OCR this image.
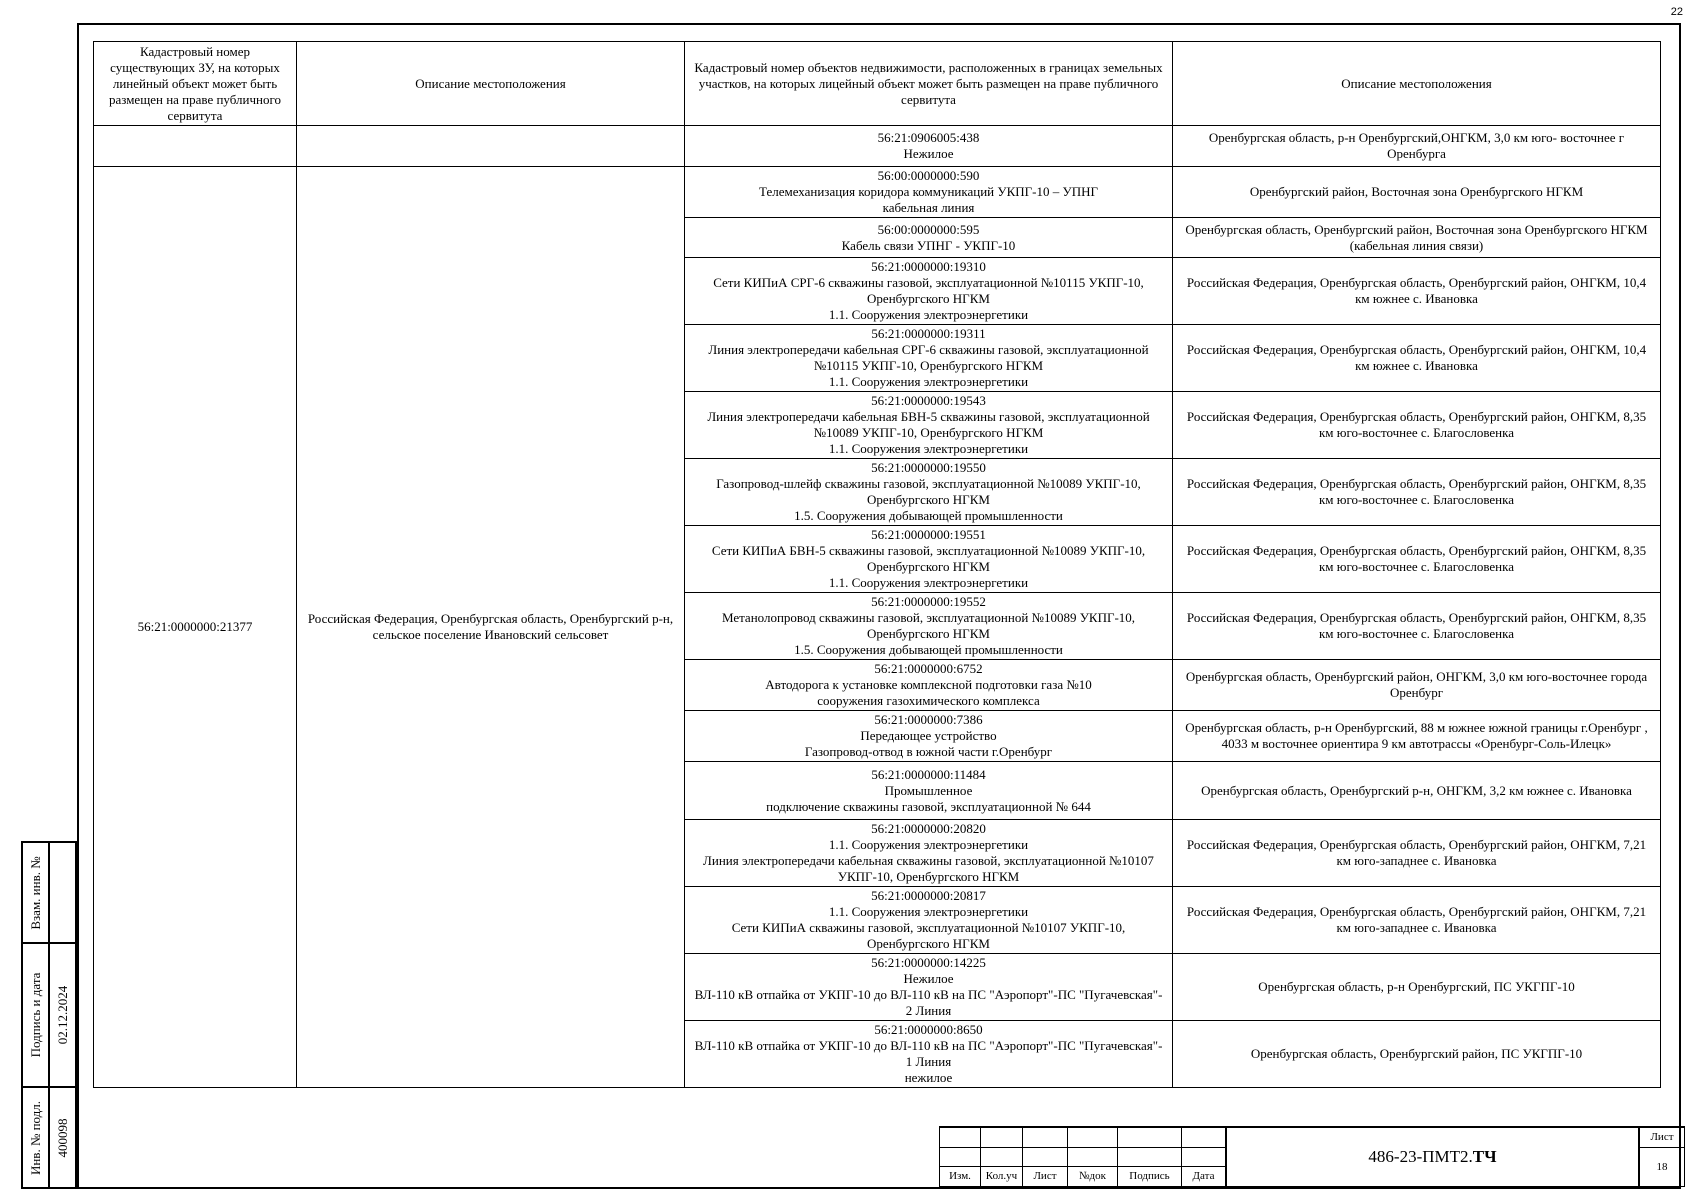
22
Кадастровый номер существующих ЗУ, на которых линейный объект может быть размещен на праве публичного сервитута	Описание местоположения	Кадастровый номер объектов недвижимости, расположенных в границах земельных участков, на которых лицейный объект может быть размещен на праве публичного сервитута	Описание местоположения
		56:21:0906005:438
Нежилое	Оренбургская область, р-н Оренбургский,ОНГКМ, 3,0 км юго- восточнее г Оренбурга
56:21:0000000:21377	Российская Федерация, Оренбургская область, Оренбургский р-н, сельское поселение Ивановский сельсовет	56:00:0000000:590
Телемеханизация коридора коммуникаций УКПГ-10 – УПНГ
кабельная линия	Оренбургский район, Восточная зона Оренбургского НГКМ
		56:00:0000000:595
Кабель связи УПНГ - УКПГ-10	Оренбургская область, Оренбургский район, Восточная зона Оренбургского НГКМ (кабельная линия связи)
		56:21:0000000:19310
Сети КИПиА СРГ-6 скважины газовой, эксплуатационной №10115 УКПГ-10, Оренбургского НГКМ
1.1. Сооружения электроэнергетики	Российская Федерация, Оренбургская область, Оренбургский район, ОНГКМ, 10,4 км южнее с. Ивановка
		56:21:0000000:19311
Линия электропередачи кабельная СРГ-6 скважины газовой, эксплуатационной №10115 УКПГ-10, Оренбургского НГКМ
1.1. Сооружения электроэнергетики	Российская Федерация, Оренбургская область, Оренбургский район, ОНГКМ, 10,4 км южнее с. Ивановка
		56:21:0000000:19543
Линия электропередачи кабельная БВН-5 скважины газовой, эксплуатационной №10089 УКПГ-10, Оренбургского НГКМ
1.1. Сооружения электроэнергетики	Российская Федерация, Оренбургская область, Оренбургский район, ОНГКМ, 8,35 км юго-восточнее с. Благословенка
		56:21:0000000:19550
Газопровод-шлейф скважины газовой, эксплуатационной №10089 УКПГ-10, Оренбургского НГКМ
1.5. Сооружения добывающей промышленности	Российская Федерация, Оренбургская область, Оренбургский район, ОНГКМ, 8,35 км юго-восточнее с. Благословенка
		56:21:0000000:19551
Сети КИПиА БВН-5 скважины газовой, эксплуатационной №10089 УКПГ-10, Оренбургского НГКМ
1.1. Сооружения электроэнергетики	Российская Федерация, Оренбургская область, Оренбургский район, ОНГКМ, 8,35 км юго-восточнее с. Благословенка
		56:21:0000000:19552
Метанолопровод скважины газовой, эксплуатационной №10089 УКПГ-10, Оренбургского НГКМ
1.5. Сооружения добывающей промышленности	Российская Федерация, Оренбургская область, Оренбургский район, ОНГКМ, 8,35 км юго-восточнее с. Благословенка
		56:21:0000000:6752
Автодорога к установке комплексной подготовки газа №10
сооружения газохимического комплекса	Оренбургская область, Оренбургский район, ОНГКМ, 3,0 км юго-восточнее города Оренбург
		56:21:0000000:7386
Передающее устройство
Газопровод-отвод в южной части г.Оренбург	Оренбургская область, р-н Оренбургский, 88 м южнее южной границы г.Оренбург , 4033 м восточнее ориентира 9 км автотрассы «Оренбург-Соль-Илецк»
		56:21:0000000:11484
Промышленное
подключение скважины газовой, эксплуатационной № 644	Оренбургская область, Оренбургский р-н, ОНГКМ, 3,2 км южнее с. Ивановка
		56:21:0000000:20820
1.1. Сооружения электроэнергетики
Линия электропередачи кабельная скважины газовой, эксплуатационной №10107 УКПГ-10, Оренбургского НГКМ	Российская Федерация, Оренбургская область, Оренбургский район, ОНГКМ, 7,21 км юго-западнее с. Ивановка
		56:21:0000000:20817
1.1. Сооружения электроэнергетики
Сети КИПиА скважины газовой, эксплуатационной №10107 УКПГ-10, Оренбургского НГКМ	Российская Федерация, Оренбургская область, Оренбургский район, ОНГКМ, 7,21 км юго-западнее с. Ивановка
		56:21:0000000:14225
Нежилое
ВЛ-110 кВ отпайка от УКПГ-10 до ВЛ-110 кВ на ПС "Аэропорт"-ПС "Пугачевская"- 2 Линия	Оренбургская область, р-н Оренбургский, ПС УКГПГ-10
		56:21:0000000:8650
ВЛ-110 кВ отпайка от УКПГ-10 до ВЛ-110 кВ на ПС "Аэропорт"-ПС "Пугачевская"- 1 Линия
нежилое	Оренбургская область, Оренбургский район, ПС УКГПГ-10
Взам. инв. №	

Подпись и дата	02.12.2024

Инв. № подл.	400098
							486-23-ПМТ2.ТЧ	Лист
							18
Изм.	Кол.уч	Лист	№док	Подпись	Дата		
